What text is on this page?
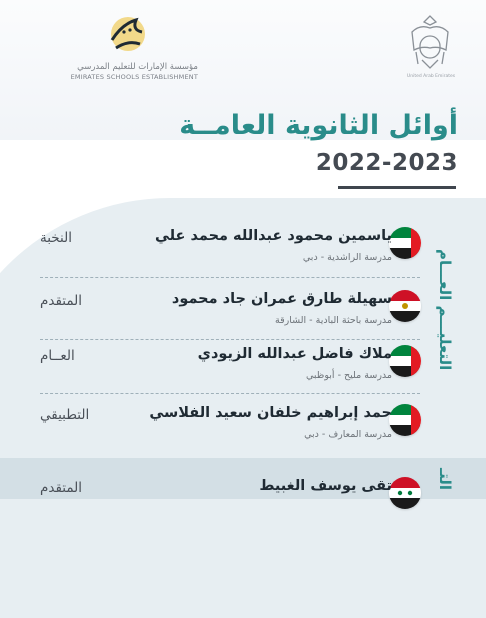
مؤسسة الإمارات للتعليم المدرسي
EMIRATES SCHOOLS ESTABLISHMENT	United Arab Emirates
أوائل الثانوية العامــة
2022-2023
التعليـــم العـــام
التـ
ياسمين محمود عبدالله محمد علي
مدرسة الراشدية - دبي
النخبة
سهيلة طارق عمران جاد محمود
مدرسة باحثة البادية - الشارقة
المتقدم
ملاك فاضل عبدالله الزيودي
مدرسة مليح - أبوظبي
العــام
حمد إبراهيم خلفان سعيد الفلاسي
مدرسة المعارف - دبي
التطبيقي
تقى يوسف الغبيط
المتقدم
